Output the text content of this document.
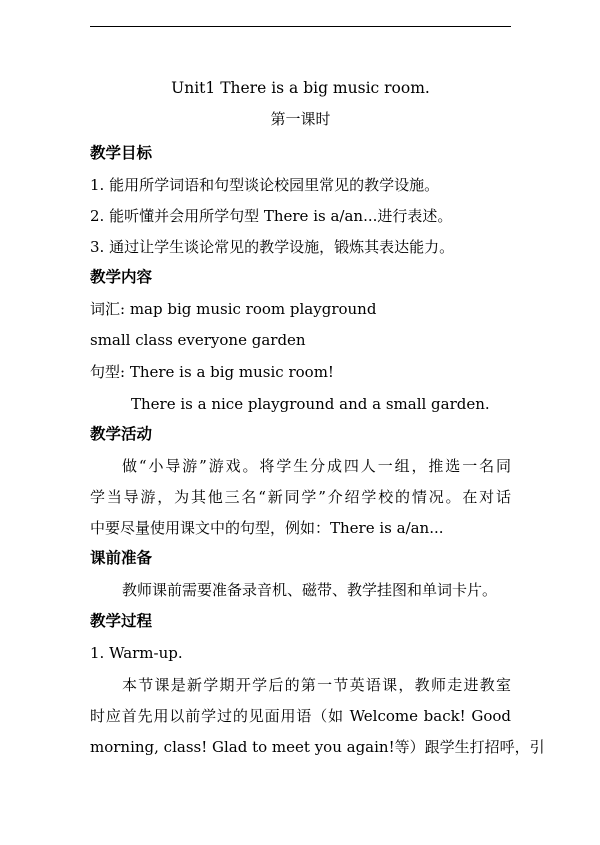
Unit1 There is a big music room.
第一课时
教学目标
1. 能用所学词语和句型谈论校园里常见的教学设施。
2. 能听懂并会用所学句型 There is a/an...进行表述。
3. 通过让学生谈论常见的教学设施，锻炼其表达能力。
教学内容
词汇: map big music room playground
small class everyone garden
句型: There is a big music room!
There is a nice playground and a small garden.
教学活动
做“小导游”游戏。将学生分成四人一组，推选一名同
学当导游，为其他三名“新同学”介绍学校的情况。在对话
中要尽量使用课文中的句型，例如：There is a/an...
课前准备
教师课前需要准备录音机、磁带、教学挂图和单词卡片。
教学过程
1. Warm-up.
本节课是新学期开学后的第一节英语课，教师走进教室
时应首先用以前学过的见面用语（如 Welcome back! Good
morning, class! Glad to meet you again!等）跟学生打招呼，引
